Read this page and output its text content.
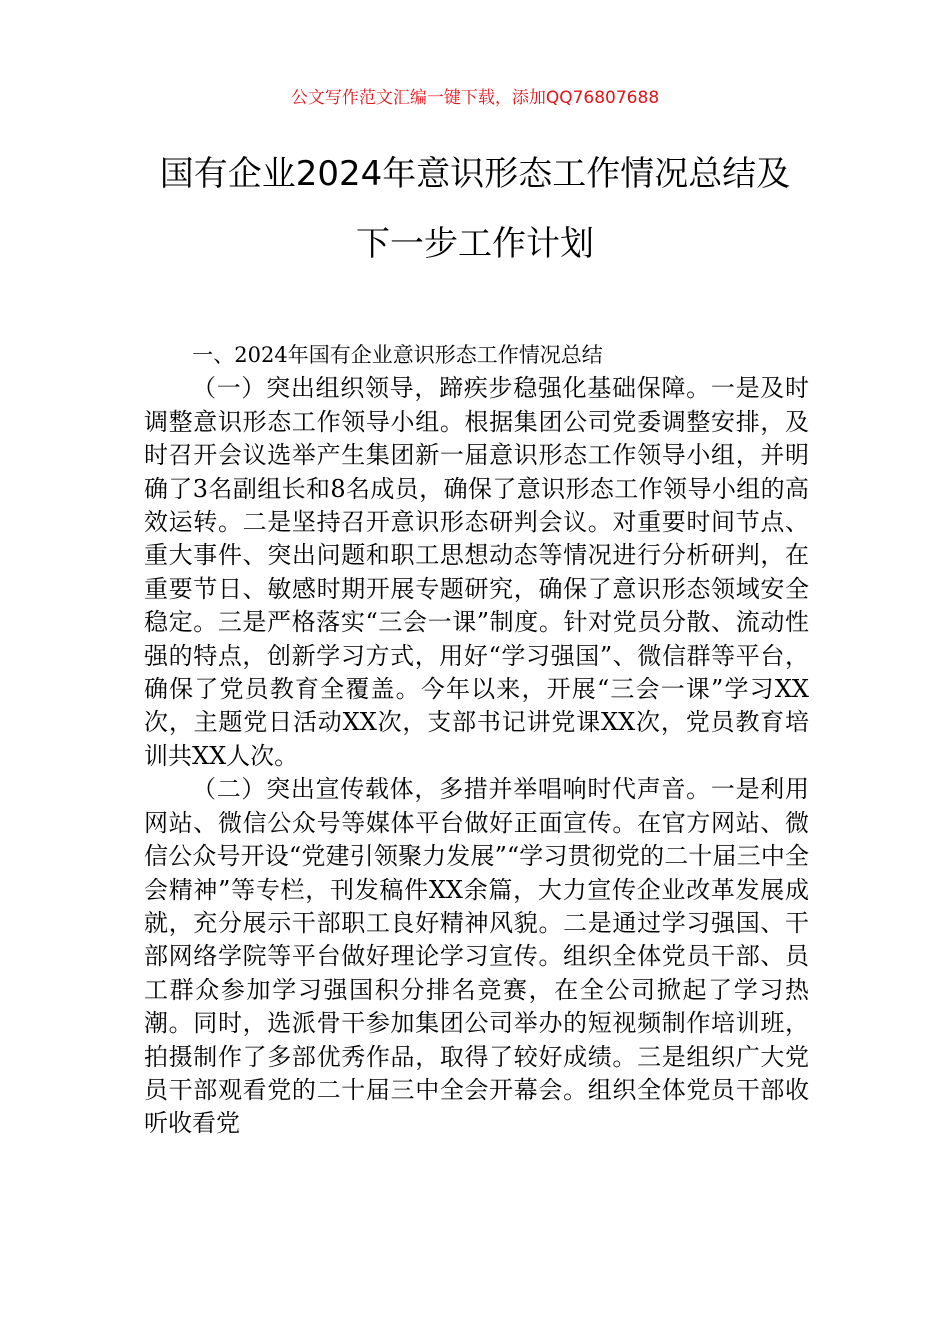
公文写作范文汇编一键下载，添加QQ76807688
国有企业2024年意识形态工作情况总结及
下一步工作计划

一、2024年国有企业意识形态工作情况总结

（一）突出组织领导，蹄疾步稳强化基础保障。一是及时调整意识形态工作领导小组。根据集团公司党委调整安排，及时召开会议选举产生集团新一届意识形态工作领导小组，并明确了3名副组长和8名成员，确保了意识形态工作领导小组的高效运转。二是坚持召开意识形态研判会议。对重要时间节点、重大事件、突出问题和职工思想动态等情况进行分析研判，在重要节日、敏感时期开展专题研究，确保了意识形态领域安全稳定。三是严格落实“三会一课”制度。针对党员分散、流动性强的特点，创新学习方式，用好“学习强国”、微信群等平台，确保了党员教育全覆盖。今年以来，开展“三会一课”学习XX次，主题党日活动XX次，支部书记讲党课XX次，党员教育培训共XX人次。

（二）突出宣传载体，多措并举唱响时代声音。一是利用网站、微信公众号等媒体平台做好正面宣传。在官方网站、微信公众号开设“党建引领聚力发展”“学习贯彻党的二十届三中全会精神”等专栏，刊发稿件XX余篇，大力宣传企业改革发展成就，充分展示干部职工良好精神风貌。二是通过学习强国、干部网络学院等平台做好理论学习宣传。组织全体党员干部、员工群众参加学习强国积分排名竞赛，在全公司掀起了学习热潮。同时，选派骨干参加集团公司举办的短视频制作培训班，拍摄制作了多部优秀作品，取得了较好成绩。三是组织广大党员干部观看党的二十届三中全会开幕会。组织全体党员干部收听收看党
